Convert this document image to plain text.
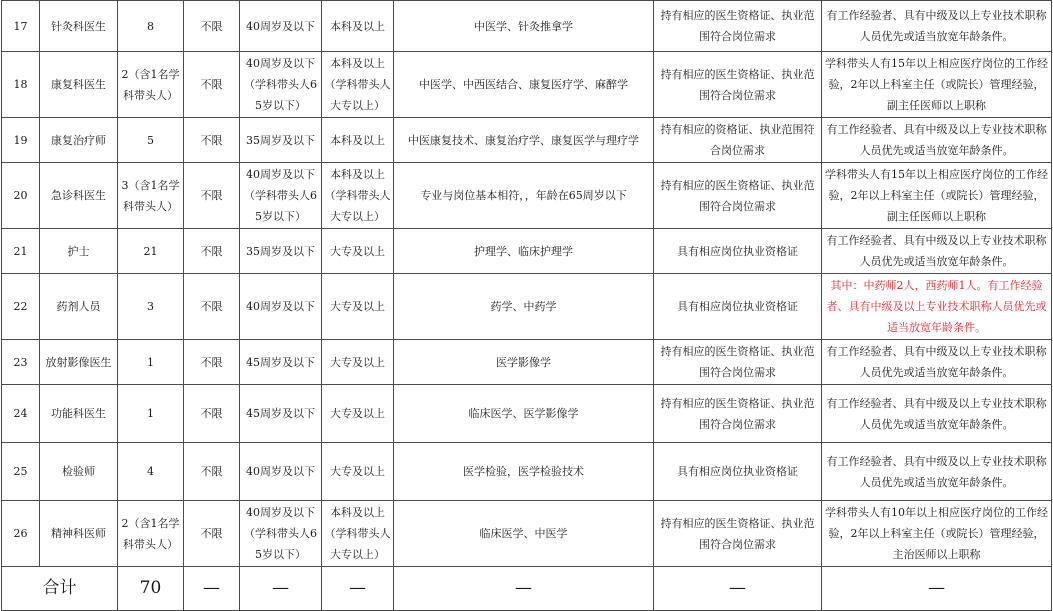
17	针灸科医生	8	不限	40周岁及以下	本科及以上	中医学、针灸推拿学	持有相应的医生资格证、执业范围符合岗位需求	有工作经验者、具有中级及以上专业技术职称人员优先或适当放宽年龄条件。
18	康复科医生	2（含1名学科带头人）	不限	40周岁及以下（学科带头人65岁以下）	本科及以上（学科带头人大专以上）	中医学、中西医结合、康复医疗学、麻醉学	持有相应的医生资格证、执业范围符合岗位需求	学科带头人有15年以上相应医疗岗位的工作经验，2年以上科室主任（或院长）管理经验，副主任医师以上职称
19	康复治疗师	5	不限	35周岁及以下	本科及以上	中医康复技术、康复治疗学、康复医学与理疗学	持有相应的资格证、执业范围符合岗位需求	有工作经验者、具有中级及以上专业技术职称人员优先或适当放宽年龄条件。
20	急诊科医生	3（含1名学科带头人）	不限	40周岁及以下（学科带头人65岁以下）	本科及以上（学科带头人大专以上）	专业与岗位基本相符，，年龄在65周岁以下	持有相应的医生资格证、执业范围符合岗位需求	学科带头人有15年以上相应医疗岗位的工作经验，2年以上科室主任（或院长）管理经验，副主任医师以上职称
21	护士	21	不限	35周岁及以下	大专及以上	护理学、临床护理学	具有相应岗位执业资格证	有工作经验者、具有中级及以上专业技术职称人员优先或适当放宽年龄条件。
22	药剂人员	3	不限	40周岁及以下	大专及以上	药学、中药学	具有相应岗位执业资格证	其中：中药师2人，西药师1人。有工作经验者、具有中级及以上专业技术职称人员优先或适当放宽年龄条件。
23	放射影像医生	1	不限	45周岁及以下	大专及以上	医学影像学	持有相应的医生资格证、执业范围符合岗位需求	有工作经验者、具有中级及以上专业技术职称人员优先或适当放宽年龄条件。
24	功能科医生	1	不限	45周岁及以下	大专及以上	临床医学、医学影像学	持有相应的医生资格证、执业范围符合岗位需求	有工作经验者、具有中级及以上专业技术职称人员优先或适当放宽年龄条件。
25	检验师	4	不限	40周岁及以下	大专及以上	医学检验，医学检验技术	具有相应岗位执业资格证	有工作经验者、具有中级及以上专业技术职称人员优先或适当放宽年龄条件。
26	精神科医师	2（含1名学科带头人）	不限	40周岁及以下（学科带头人65岁以下）	本科及以上（学科带头人大专以上）	临床医学、中医学	持有相应的医生资格证、执业范围符合岗位需求	学科带头人有10年以上相应医疗岗位的工作经验，2年以上科室主任（或院长）管理经验，主治医师以上职称
合计		70	—	—	—	—	—	—
